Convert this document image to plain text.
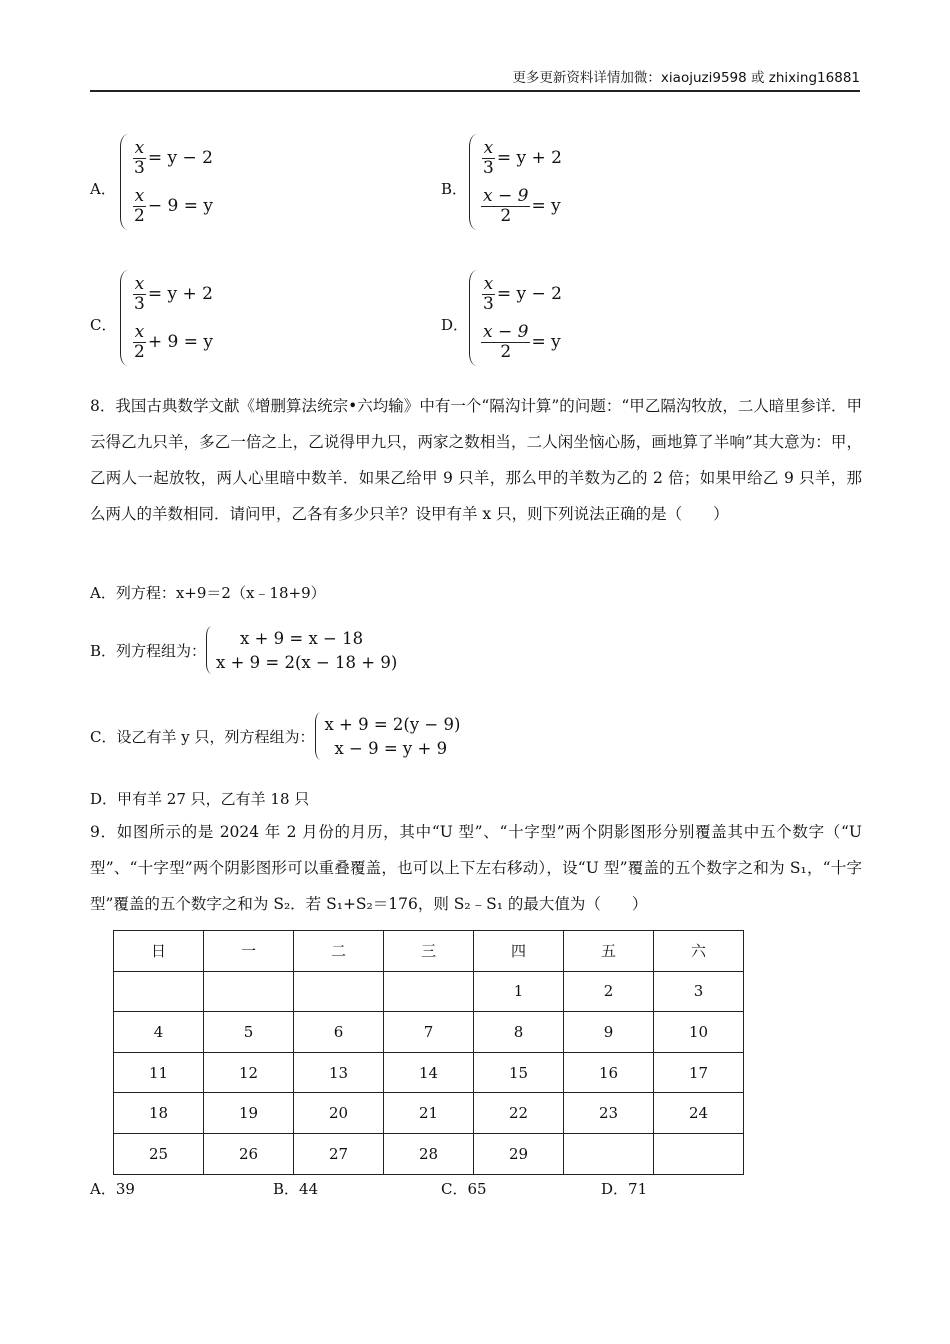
更多更新资料详情加微：xiaojuzi9598 或 zhixing16881
A．
$\frac{x}{3} = y - 2$
$\frac{x}{2} - 9 = y$
B．
$\frac{x}{3} = y + 2$
$\frac{x - 9}{2} = y$
C．
$\frac{x}{3} = y + 2$
$\frac{x}{2} + 9 = y$
D．
$\frac{x}{3} = y - 2$
$\frac{x - 9}{2} = y$
8．我国古典数学文献《增删算法统宗•六均输》中有一个“隔沟计算”的问题：“甲乙隔沟牧放，二人暗里参详．甲云得乙九只羊，多乙一倍之上，乙说得甲九只，两家之数相当，二人闲坐恼心肠，画地算了半响”其大意为：甲，乙两人一起放牧，两人心里暗中数羊．如果乙给甲 9 只羊，那么甲的羊数为乙的 2 倍；如果甲给乙 9 只羊，那么两人的羊数相同．请问甲，乙各有多少只羊？设甲有羊 x 只，则下列说法正确的是（　　）
A．列方程：x+9＝2（x﹣18+9）
B．列方程组为：
x + 9 = x − 18
x + 9 = 2(x − 18 + 9)
C．设乙有羊 y 只，列方程组为：
x + 9 = 2(y − 9)
x − 9 = y + 9
D．甲有羊 27 只，乙有羊 18 只
9．如图所示的是 2024 年 2 月份的月历，其中“U 型”、“十字型”两个阴影图形分别覆盖其中五个数字（“U 型”、“十字型”两个阴影图形可以重叠覆盖，也可以上下左右移动），设“U 型”覆盖的五个数字之和为 S₁，“十字型”覆盖的五个数字之和为 S₂．若 S₁+S₂＝176，则 S₂﹣S₁ 的最大值为（　　）
日	一	二	三	四	五	六
				1	2	3
4	5	6	7	8	9	10
11	12	13	14	15	16	17
18	19	20	21	22	23	24
25	26	27	28	29		
A．39	B．44	C．65	D．71
